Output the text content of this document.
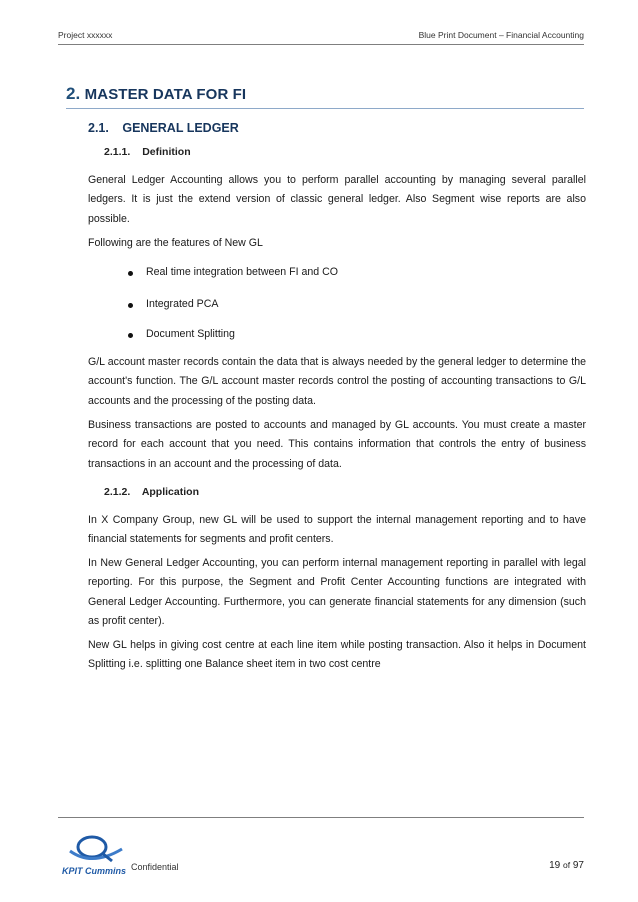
Project xxxxxx	Blue Print Document – Financial Accounting
2. MASTER DATA FOR FI
2.1. GENERAL LEDGER
2.1.1. Definition
General Ledger Accounting allows you to perform parallel accounting by managing several parallel ledgers. It is just the extend version of classic general ledger. Also Segment wise reports are also possible.
Following are the features of New GL
Real time integration between FI and CO
Integrated PCA
Document Splitting
G/L account master records contain the data that is always needed by the general ledger to determine the account's function. The G/L account master records control the posting of accounting transactions to G/L accounts and the processing of the posting data.
Business transactions are posted to accounts and managed by GL accounts. You must create a master record for each account that you need. This contains information that controls the entry of business transactions in an account and the processing of data.
2.1.2. Application
In X Company Group, new GL will be used to support the internal management reporting and to have financial statements for segments and profit centers.
In New General Ledger Accounting, you can perform internal management reporting in parallel with legal reporting. For this purpose, the Segment and Profit Center Accounting functions are integrated with General Ledger Accounting. Furthermore, you can generate financial statements for any dimension (such as profit center).
New GL helps in giving cost centre at each line item while posting transaction. Also it helps in Document Splitting i.e. splitting one Balance sheet item in two cost centre
KPIT Cummins Confidential	19 of 97
